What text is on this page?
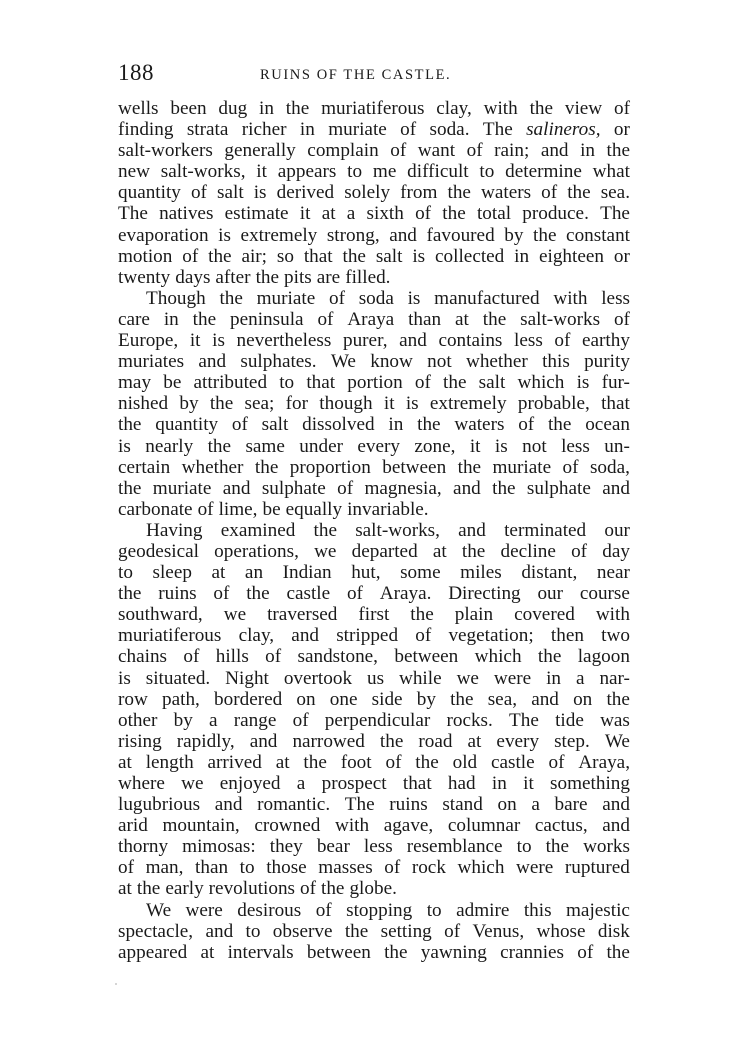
188	RUINS OF THE CASTLE.
wells been dug in the muriatiferous clay, with the view of
finding strata richer in muriate of soda. The salineros, or
salt-workers generally complain of want of rain; and in the
new salt-works, it appears to me difficult to determine what
quantity of salt is derived solely from the waters of the sea.
The natives estimate it at a sixth of the total produce. The
evaporation is extremely strong, and favoured by the constant
motion of the air; so that the salt is collected in eighteen or
twenty days after the pits are filled.
Though the muriate of soda is manufactured with less
care in the peninsula of Araya than at the salt-works of
Europe, it is nevertheless purer, and contains less of earthy
muriates and sulphates. We know not whether this purity
may be attributed to that portion of the salt which is fur-
nished by the sea; for though it is extremely probable, that
the quantity of salt dissolved in the waters of the ocean
is nearly the same under every zone, it is not less un-
certain whether the proportion between the muriate of soda,
the muriate and sulphate of magnesia, and the sulphate and
carbonate of lime, be equally invariable.
Having examined the salt-works, and terminated our
geodesical operations, we departed at the decline of day
to sleep at an Indian hut, some miles distant, near
the ruins of the castle of Araya. Directing our course
southward, we traversed first the plain covered with
muriatiferous clay, and stripped of vegetation; then two
chains of hills of sandstone, between which the lagoon
is situated. Night overtook us while we were in a nar-
row path, bordered on one side by the sea, and on the
other by a range of perpendicular rocks. The tide was
rising rapidly, and narrowed the road at every step. We
at length arrived at the foot of the old castle of Araya,
where we enjoyed a prospect that had in it something
lugubrious and romantic. The ruins stand on a bare and
arid mountain, crowned with agave, columnar cactus, and
thorny mimosas: they bear less resemblance to the works
of man, than to those masses of rock which were ruptured
at the early revolutions of the globe.
We were desirous of stopping to admire this majestic
spectacle, and to observe the setting of Venus, whose disk
appeared at intervals between the yawning crannies of the
